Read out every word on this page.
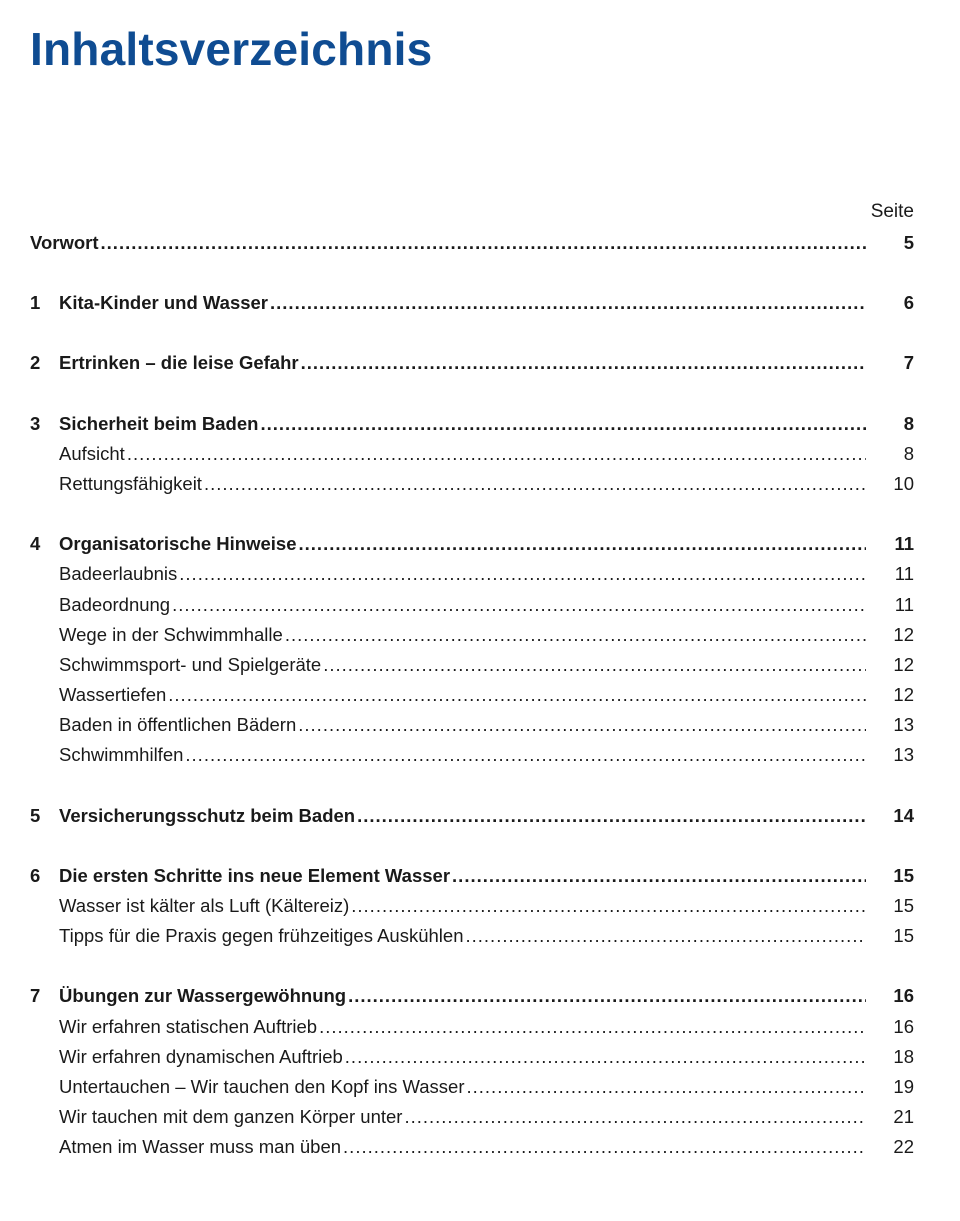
Inhaltsverzeichnis
Seite
Vorwort .....	5
1	Kita-Kinder und Wasser .....	6
2	Ertrinken – die leise Gefahr .....	7
3	Sicherheit beim Baden .....	8
Aufsicht .....	8
Rettungsfähigkeit .....	10
4	Organisatorische Hinweise .....	11
Badeerlaubnis .....	11
Badeordnung .....	11
Wege in der Schwimmhalle .....	12
Schwimmsport- und Spielgeräte .....	12
Wassertiefen .....	12
Baden in öffentlichen Bädern .....	13
Schwimmhilfen .....	13
5	Versicherungsschutz beim Baden .....	14
6	Die ersten Schritte ins neue Element Wasser .....	15
Wasser ist kälter als Luft (Kältereiz) .....	15
Tipps für die Praxis gegen frühzeitiges Auskühlen .....	15
7	Übungen zur Wassergewöhnung .....	16
Wir erfahren statischen Auftrieb .....	16
Wir erfahren dynamischen Auftrieb .....	18
Untertauchen – Wir tauchen den Kopf ins Wasser .....	19
Wir tauchen mit dem ganzen Körper unter .....	21
Atmen im Wasser muss man üben .....	22
